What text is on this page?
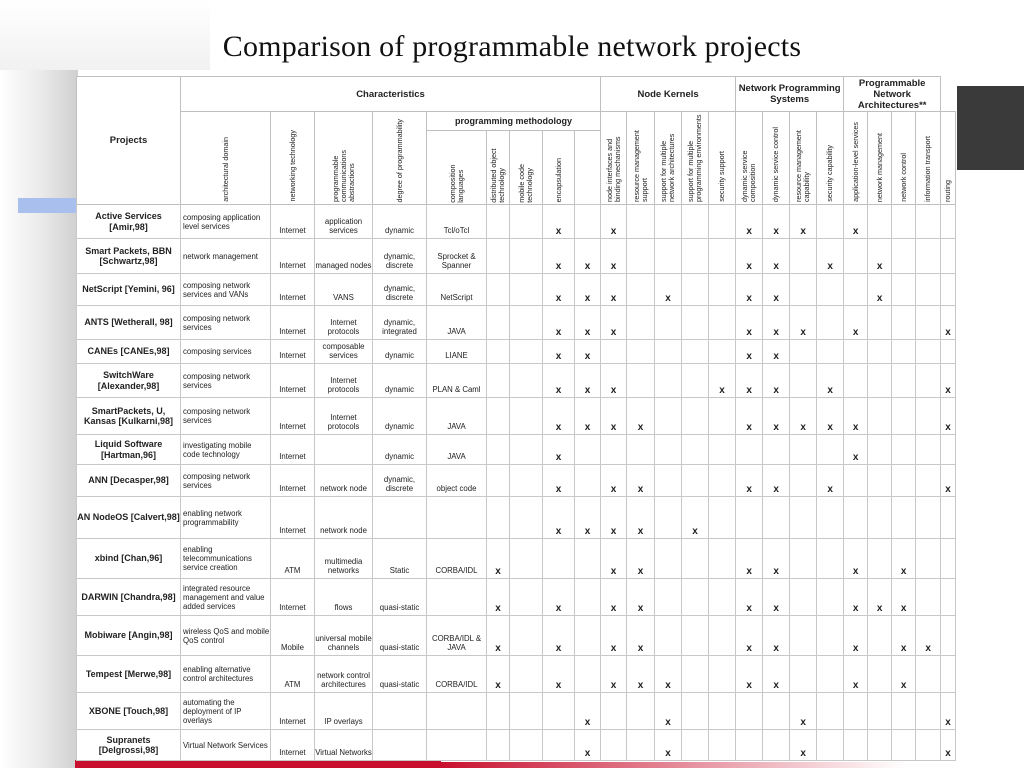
Comparison of programmable network projects
Projects	Characteristics									Node Kernels					Network Programming Systems				Programmable Network Architectures**				
	architectural domain	networking technology	programmable communications abstractions	degree of programmability	programming methodology					node interfaces and binding mechanisms	resource management support	support for multiple network architectures	support for multiple programming environments	security support	dynamic service composition	dynamic service control	resource management capability	security capability	application-level services	network management	network control	information transport	routing
					composition languages	distributed object technology	mobile code technology	encapsulation															
Active Services [Amir,98]	composing application level services	Internet	application services	dynamic	Tcl/oTcl			x		x					x	x	x		x				
Smart Packets, BBN [Schwartz,98]	network management	Internet	managed nodes	dynamic, discrete	Sprocket & Spanner			x	x	x					x	x		x		x			
NetScript [Yemini, 96]	composing network services and VANs	Internet	VANS	dynamic, discrete	NetScript			x	x	x		x			x	x				x			
ANTS [Wetherall, 98]	composing network services	Internet	Internet protocols	dynamic, integrated	JAVA			x	x	x					x	x	x		x				x
CANEs [CANEs,98]	composing services	Internet	composable services	dynamic	LIANE			x	x						x	x							
SwitchWare [Alexander,98]	composing network services	Internet	Internet protocols	dynamic	PLAN & Caml			x	x	x				x	x	x		x					x
SmartPackets, U, Kansas [Kulkarni,98]	composing network services	Internet	Internet protocols	dynamic	JAVA			x	x	x	x				x	x	x	x	x				x
Liquid Software [Hartman,96]	investigating mobile code technology	Internet		dynamic	JAVA			x											x				
ANN [Decasper,98]	composing network services	Internet	network node	dynamic, discrete	object code			x		x	x				x	x		x					x
AN NodeOS [Calvert,98]	enabling network programmability	Internet	network node					x	x	x	x		x										
xbind [Chan,96]	enabling telecommunications service creation	ATM	multimedia networks	Static	CORBA/IDL	x				x	x				x	x			x		x		
DARWIN [Chandra,98]	integrated resource management and value added services	Internet	flows	quasi-static		x		x		x	x				x	x			x	x	x		
Mobiware [Angin,98]	wireless QoS and mobile QoS control	Mobile	universal mobile channels	quasi-static	CORBA/IDL & JAVA	x		x		x	x				x	x			x		x	x	
Tempest [Merwe,98]	enabling alternative control architectures	ATM	network control architectures	quasi-static	CORBA/IDL	x		x		x	x	x			x	x			x		x		
XBONE [Touch,98]	automating the deployment of IP overlays	Internet	IP overlays						x			x					x						x
Supranets [Delgrossi,98]	Virtual Network Services	Internet	Virtual Networks						x			x					x						x
